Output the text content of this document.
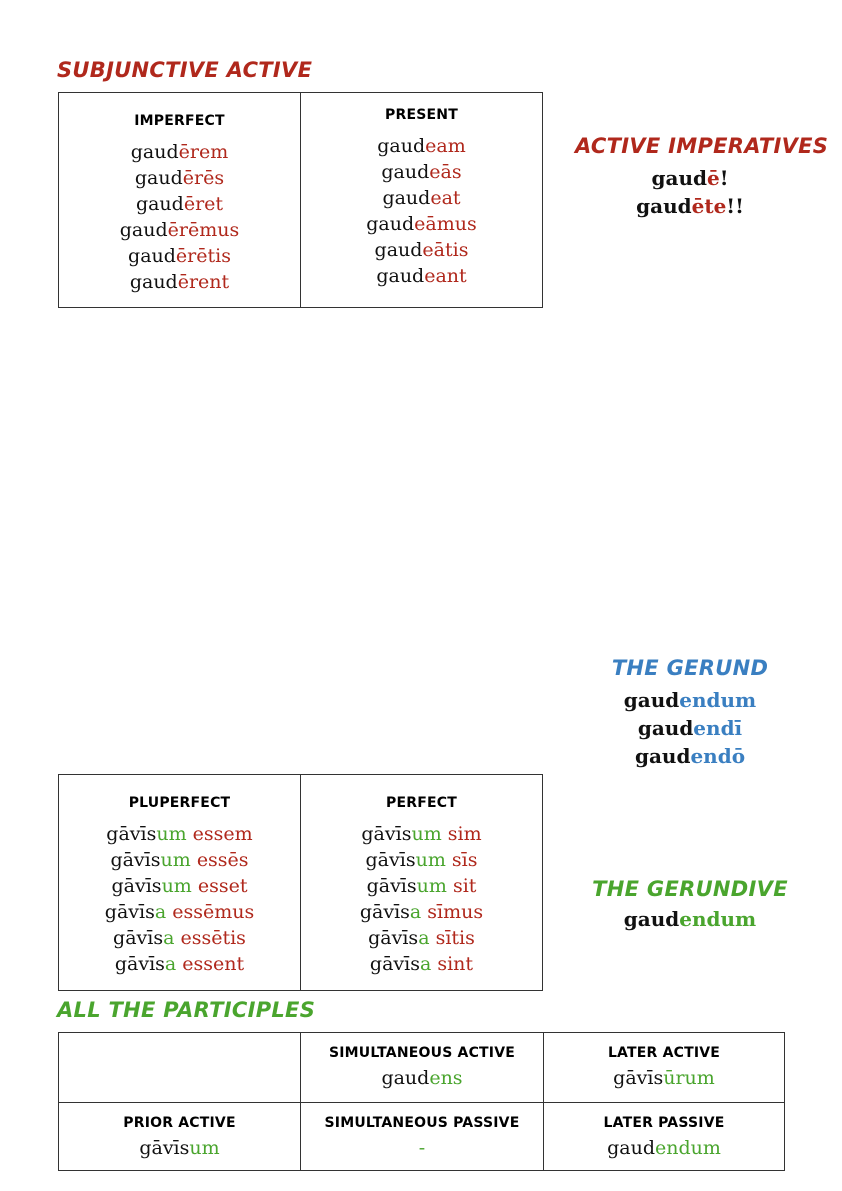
SUBJUNCTIVE ACTIVE
IMPERFECT
gaudērem
gaudērēs
gaudēret
gaudērēmus
gaudērētis
gaudērent
PRESENT
gaudeam
gaudeās
gaudeat
gaudeāmus
gaudeātis
gaudeant
ACTIVE IMPERATIVES
gaudē!
gaudēte!!
THE GERUND
gaudendum
gaudendī
gaudendō
PLUPERFECT
gāvīsum essem
gāvīsum essēs
gāvīsum esset
gāvīsa essēmus
gāvīsa essētis
gāvīsa essent
PERFECT
gāvīsum sim
gāvīsum sīs
gāvīsum sit
gāvīsa sīmus
gāvīsa sītis
gāvīsa sint
THE GERUNDIVE
gaudendum
ALL THE PARTICIPLES
SIMULTANEOUS ACTIVE
gaudens
LATER ACTIVE
gāvīsūrum
PRIOR ACTIVE
gāvīsum
SIMULTANEOUS PASSIVE
-
LATER PASSIVE
gaudendum
